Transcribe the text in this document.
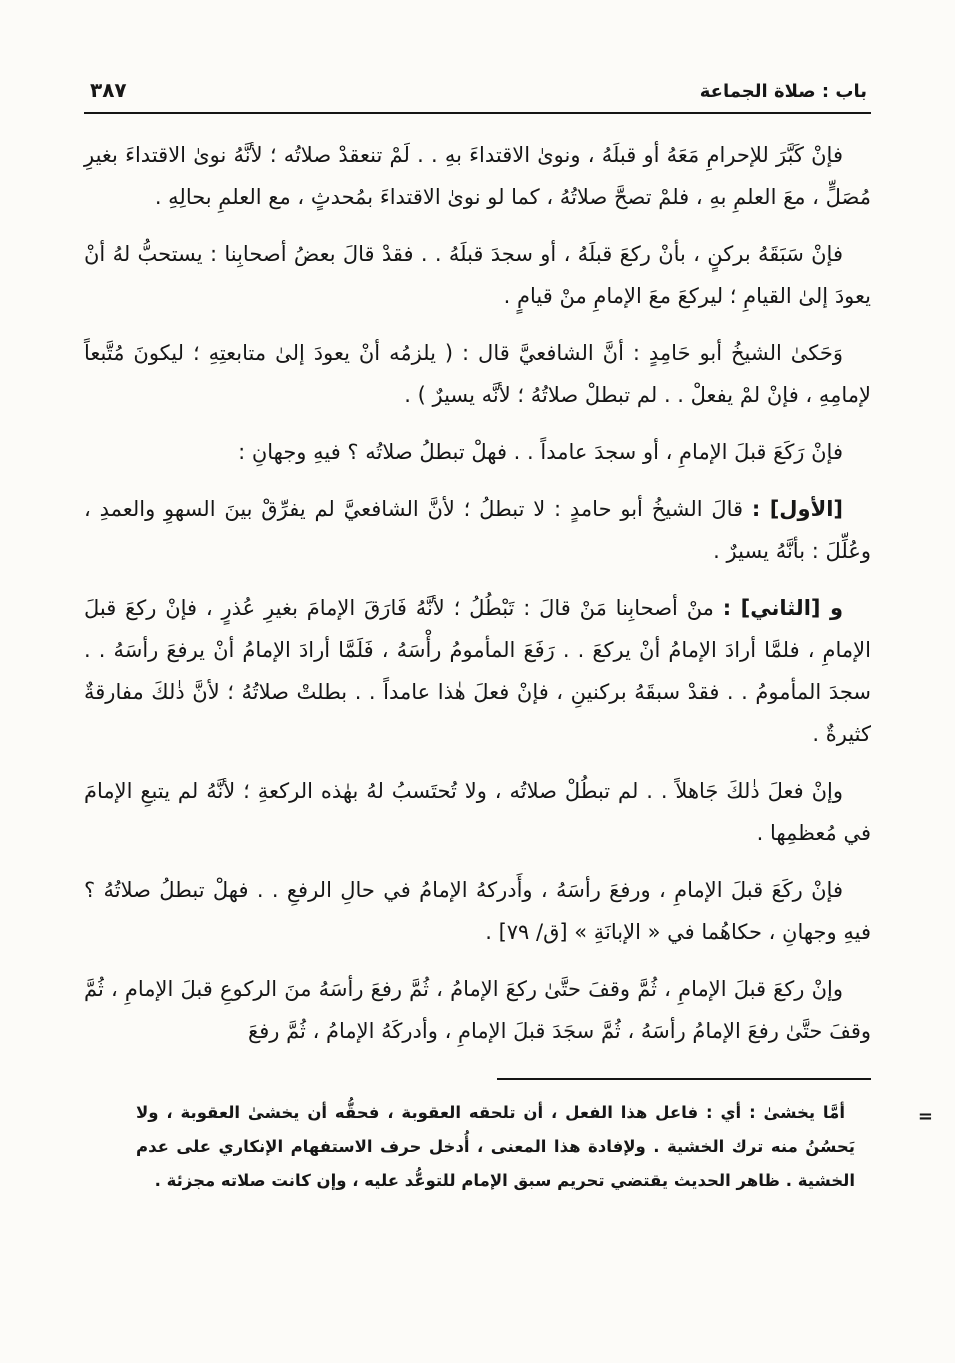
باب : صلاة الجماعة
٣٨٧

فإنْ كَبَّرَ للإحرامِ مَعَهُ أو قبلَهُ ، ونوىٰ الاقتداءَ بهِ . . لَمْ تنعقدْ صلاتُه ؛ لأنَّهُ نوىٰ الاقتداءَ بغيرِ مُصَلٍّ ، معَ العلمِ بهِ ، فلمْ تصحَّ صلاتُهُ ، كما لو نوىٰ الاقتداءَ بمُحدثٍ ، مع العلمِ بحالِهِ .

فإنْ سَبَقَهُ بركنٍ ، بأنْ ركعَ قبلَهُ ، أو سجدَ قبلَهُ . . فقدْ قالَ بعضُ أصحابِنا : يستحبُّ لهُ أنْ يعودَ إلىٰ القيامِ ؛ ليركعَ معَ الإمامِ منْ قيامٍ .

وَحَكىٰ الشيخُ أبو حَامِدٍ : أنَّ الشافعيَّ قال : ( يلزمُه أنْ يعودَ إلىٰ متابعتِهِ ؛ ليكونَ مُتَّبعاً لإمامِهِ ، فإنْ لمْ يفعلْ . . لم تبطلْ صلاتُهُ ؛ لأنَّه يسيرٌ ) .

فإنْ رَكَعَ قبلَ الإمامِ ، أو سجدَ عامداً . . فهلْ تبطلُ صلاتُه ؟ فيهِ وجهانِ :

[الأول] : قالَ الشيخُ أبو حامدٍ : لا تبطلُ ؛ لأنَّ الشافعيَّ لم يفرِّقْ بينَ السهوِ والعمدِ ، وعُلِّلَ : بأنَّهُ يسيرٌ .

و [الثاني] : منْ أصحابِنا مَنْ قالَ : تَبْطُلُ ؛ لأنَّهُ فَارَقَ الإمامَ بغيرِ عُذرٍ ، فإنْ ركعَ قبلَ الإمامِ ، فلمَّا أرادَ الإمامُ أنْ يركعَ . . رَفَعَ المأمومُ رأْسَهُ ، فَلَمَّا أرادَ الإمامُ أنْ يرفعَ رأسَهُ . . سجدَ المأمومُ . . فقدْ سبقَهُ بركنينِ ، فإنْ فعلَ هٰذا عامداً . . بطلتْ صلاتُهُ ؛ لأنَّ ذٰلكَ مفارقةٌ كثيرةٌ .

وإنْ فعلَ ذٰلكَ جَاهلاً . . لم تبطُلْ صلاتُه ، ولا تُحتَسبُ لهُ بهٰذه الركعةِ ؛ لأنَّهُ لم يتبعِ الإمامَ في مُعظمِها .

فإنْ ركَعَ قبلَ الإمامِ ، ورفعَ رأسَهُ ، وأَدركهُ الإمامُ في حالِ الرفعِ . . فهلْ تبطلُ صلاتُهُ ؟ فيهِ وجهانِ ، حكاهُما في « الإبانَةِ » [ق/ ٧٩] .

وإنْ ركعَ قبلَ الإمامِ ، ثُمَّ وقفَ حتَّىٰ ركعَ الإمامُ ، ثُمَّ رفعَ رأسَهُ منَ الركوعِ قبلَ الإمامِ ، ثُمَّ وقفَ حتَّىٰ رفعَ الإمامُ رأسَهُ ، ثُمَّ سجَدَ قبلَ الإمامِ ، وأدركَهُ الإمامُ ، ثُمَّ رفعَ

=

أمَّا يخشىٰ : أي : فاعل هذا الفعل ، أن تلحقه العقوبة ، فحقُّه أن يخشىٰ العقوبة ، ولا يَحسُنُ منه ترك الخشية . ولإفادة هذا المعنى ، أُدخل حرف الاستفهام الإنكاري على عدم الخشية . ظاهر الحديث يقتضي تحريم سبق الإمام للتوعُّد عليه ، وإن كانت صلاته مجزئة .
